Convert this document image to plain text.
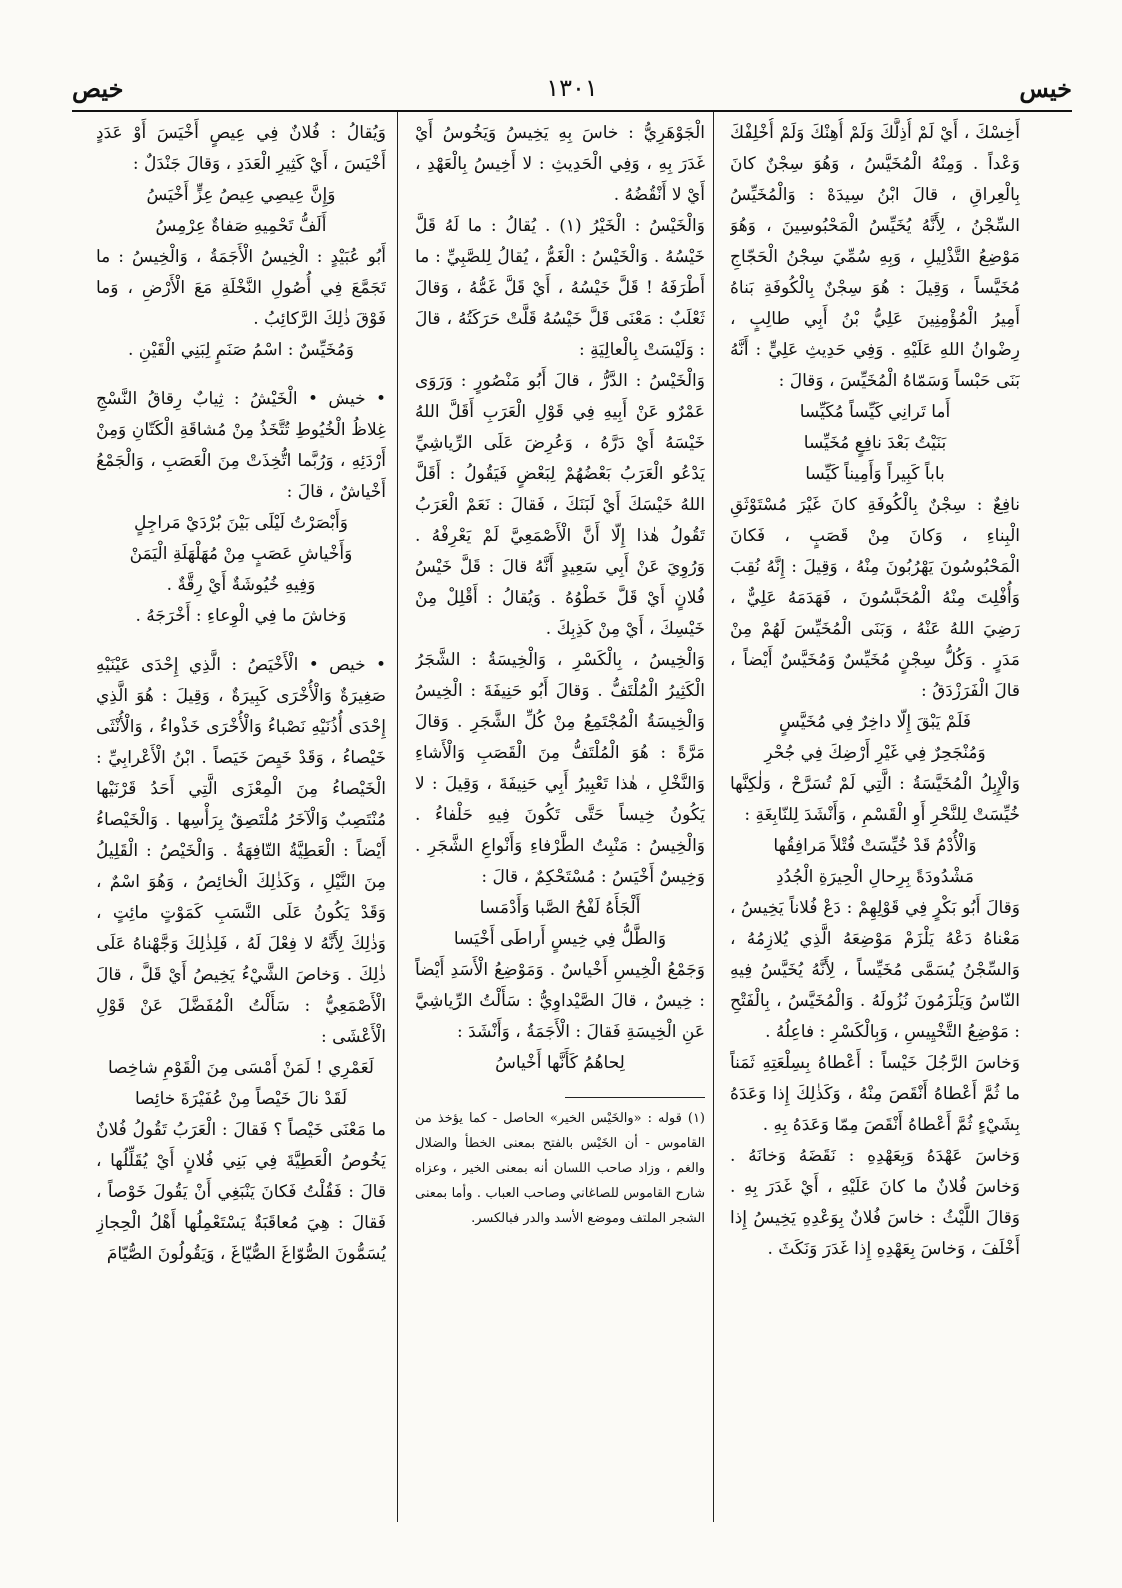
خيص	١٣٠١	خيس

أَخِسْكَ ، أَيْ لَمْ أُذِلَّكَ وَلَمْ أُهِنْكَ وَلَمْ أُخْلِفْكَ وَعْداً . وَمِنْهُ الْمُخَيَّسُ ، وَهُوَ سِجْنٌ كانَ بِالْعِراقِ ، قالَ ابْنُ سِيدَهْ : وَالْمُخَيِّسُ السِّجْنُ ، لِأَنَّهُ يُخَيِّسُ الْمَحْبُوسِينَ ، وَهُوَ مَوْضِعُ التَّذْلِيلِ ، وَبِهِ سُمِّيَ سِجْنُ الْحَجّاجِ مُخَيَّساً ، وَقِيلَ : هُوَ سِجْنٌ بِالْكُوفَةِ بَناهُ أَمِيرُ الْمُؤْمِنِينَ عَلِيُّ بْنُ أَبِي طالِبٍ ، رِضْوانُ اللهِ عَلَيْهِ . وَفِي حَدِيثِ عَلِيٍّ : أَنَّهُ بَنَى حَبْساً وَسَمّاهُ الْمُخَيِّسَ ، وَقالَ :

أَما تَرانِي كَيِّساً مُكَيِّسا

بَنَيْتُ بَعْدَ نافِعٍ مُخَيِّسا

باباً كَبِيراً وَأَمِيناً كَيِّسا

نافِعٌ : سِجْنٌ بِالْكُوفَةِ كانَ غَيْرَ مُسْتَوْثَقِ الْبِناءِ ، وَكانَ مِنْ قَصَبٍ ، فَكانَ الْمَحْبُوسُونَ يَهْرُبُونَ مِنْهُ ، وَقِيلَ : إِنَّهُ نُقِبَ وَأُفْلِتَ مِنْهُ الْمُحَبَّسُونَ ، فَهَدَمَهُ عَلِيٌّ ، رَضِيَ اللهُ عَنْهُ ، وَبَنَى الْمُخَيِّسَ لَهُمْ مِنْ مَدَرٍ . وَكُلُّ سِجْنٍ مُخَيِّسٌ وَمُخَيَّسٌ أَيْضاً ، قالَ الْفَرَزْدَقُ :

فَلَمْ يَبْقَ إِلّا داخِرٌ فِي مُخَيَّسٍ

وَمُنْجَحِرٌ فِي غَيْرِ أَرْضِكَ فِي جُحْرِ

وَالْإِبِلُ الْمُخَيَّسَةُ : الَّتِي لَمْ تُسَرَّحْ ، وَلٰكِنَّها خُيِّسَتْ لِلنَّحْرِ أَوِ الْقَسْمِ ، وَأَنْشَدَ لِلنّابِغَةِ :

وَالْأُدْمُ قَدْ خُيِّسَتْ فُتْلاً مَرافِقُها

مَشْدُودَةً بِرِحالِ الْحِيرَةِ الْجُدُدِ

وَقالَ أَبُو بَكْرٍ فِي قَوْلِهِمْ : دَعْ فُلاناً يَخِيسُ ، مَعْناهُ دَعْهُ يَلْزَمْ مَوْضِعَهُ الَّذِي يُلازِمُهُ ، وَالسِّجْنُ يُسَمَّى مُخَيِّساً ، لِأَنَّهُ يُخَيَّسُ فِيهِ النّاسُ وَيَلْزَمُونَ نُزُولَهُ . وَالْمُخَيَّسُ ، بِالْفَتْحِ : مَوْضِعُ التَّخْيِيسِ ، وَبِالْكَسْرِ : فاعِلُهُ .

وَخاسَ الرَّجُلَ خَيْساً : أَعْطاهُ بِسِلْعَتِهِ ثَمَناً ما ثُمَّ أَعْطاهُ أَنْقَصَ مِنْهُ ، وَكَذٰلِكَ إِذا وَعَدَهُ بِشَيْءٍ ثُمَّ أَعْطاهُ أَنْقَصَ مِمّا وَعَدَهُ بِهِ .

وَخاسَ عَهْدَهُ وَبِعَهْدِهِ : نَقَضَهُ وَخانَهُ . وَخاسَ فُلانٌ ما كانَ عَلَيْهِ ، أَيْ غَدَرَ بِهِ . وَقالَ اللَّيْثُ : خاسَ فُلانٌ بِوَعْدِهِ يَخِيسُ إِذا أَخْلَفَ ، وَخاسَ بِعَهْدِهِ إِذا غَدَرَ وَنَكَثَ .

الْجَوْهَرِيُّ : خاسَ بِهِ يَخِيسُ وَيَخُوسُ أَيْ غَدَرَ بِهِ ، وَفِي الْحَدِيثِ : لا أَخِيسُ بِالْعَهْدِ ، أَيْ لا أَنْقُضُهُ .

وَالْخَيْسُ : الْخَيْرُ (١) . يُقالُ : ما لَهُ قَلَّ خَيْسُهُ . وَالْخَيْسُ : الْغَمُّ ، يُقالُ لِلصَّبِيِّ : ما أَطْرَفَهُ ! قَلَّ خَيْسُهُ ، أَيْ قَلَّ غَمُّهُ ، وَقالَ ثَعْلَبٌ : مَعْنَى قَلَّ خَيْسُهُ قَلَّتْ حَرَكَتُهُ ، قالَ : وَلَيْسَتْ بِالْعالِيَةِ :

وَالْخَيْسُ : الدَّرُّ ، قالَ أَبُو مَنْصُورٍ : وَرَوَى عَمْرٌو عَنْ أَبِيهِ فِي قَوْلِ الْعَرَبِ أَقَلَّ اللهُ خَيْسَهُ أَيْ دَرَّهُ ، وَعُرِضَ عَلَى الرِّياشِيِّ يَدْعُو الْعَرَبُ بَعْضُهُمْ لِبَعْضٍ فَيَقُولُ : أَقَلَّ اللهُ خَيْسَكَ أَيْ لَبَنَكَ ، فَقالَ : نَعَمْ الْعَرَبُ تَقُولُ هٰذا إِلّا أَنَّ الْأَصْمَعِيَّ لَمْ يَعْرِفْهُ . وَرُوِيَ عَنْ أَبِي سَعِيدٍ أَنَّهُ قالَ : قَلَّ خَيْسُ فُلانٍ أَيْ قَلَّ خَطْوُهُ . وَيُقالُ : أَقْلِلْ مِنْ خَيْسِكَ ، أَيْ مِنْ كَذِبِكَ .

وَالْخِيسُ ، بِالْكَسْرِ ، وَالْخِيسَةُ : الشَّجَرُ الْكَثِيرُ الْمُلْتَفُّ . وَقالَ أَبُو حَنِيفَةَ : الْخِيسُ وَالْخِيسَةُ الْمُجْتَمِعُ مِنْ كُلِّ الشَّجَرِ . وَقالَ مَرَّةً : هُوَ الْمُلْتَفُّ مِنَ الْقَصَبِ وَالْأَشاءِ وَالنَّخْلِ ، هٰذا تَعْبِيرُ أَبِي حَنِيفَةَ ، وَقِيلَ : لا يَكُونُ خِيساً حَتَّى تَكُونَ فِيهِ حَلْفاءُ . وَالْخِيسُ : مَنْبِتُ الطَّرْفاءِ وَأَنْواعِ الشَّجَرِ . وَخِيسٌ أَخْيَسُ : مُسْتَحْكِمٌ ، قالَ :

أَلْجَأَهُ لَفْحُ الصَّبا وَأَدْمَسا

وَالطَّلُّ فِي خِيسٍ أَراطَى أَخْيَسا

وَجَمْعُ الْخِيسِ أَخْياسٌ . وَمَوْضِعُ الْأَسَدِ أَيْضاً : خِيسٌ ، قالَ الصَّيْداوِيُّ : سَأَلْتُ الرِّياشِيَّ عَنِ الْخِيسَةِ فَقالَ : الْأَجَمَةُ ، وَأَنْشَدَ :

لِحاهُمُ كَأَنَّها أَخْياسُ

(١) قوله : «والخَيْس الخير» الحاصل - كما يؤخذ من القاموس - أن الخَيْس بالفتح بمعنى الخطأ والضلال والغم ، وزاد صاحب اللسان أنه بمعنى الخير ، وعزاه شارح القاموس للصاغاني وصاحب العباب . وأما بمعنى الشجر الملتف وموضع الأسد والدر فبالكسر.

وَيُقالُ : فُلانٌ فِي عِيصٍ أَخْيَسَ أَوْ عَدَدٍ أَخْيَسَ ، أَيْ كَثِيرِ الْعَدَدِ ، وَقالَ جَنْدَلٌ :

وَإِنَّ عِيصِي عِيصُ عِزٍّ أَخْيَسُ

أَلَفُّ تَحْمِيهِ صَفاةٌ عِرْمِسُ

أَبُو عُبَيْدٍ : الْخِيسُ الْأَجَمَةُ ، وَالْخِيسُ : ما تَجَمَّعَ فِي أُصُولِ النَّخْلَةِ مَعَ الْأَرْضِ ، وَما فَوْقَ ذٰلِكَ الرَّكائِبُ .

وَمُخَيِّسٌ : اسْمُ صَنَمٍ لِبَنِي الْقَيْنِ .

• خيش • الْخَيْشُ : ثِيابٌ رِقاقُ النَّسْجِ غِلاظُ الْخُيُوطِ تُتَّخَذُ مِنْ مُشاقَةِ الْكَتّانِ وَمِنْ أَرْدَئِهِ ، وَرُبَّما اتُّخِذَتْ مِنَ الْعَصَبِ ، وَالْجَمْعُ أَخْياشٌ ، قالَ :

وَأَبْصَرْتُ لَيْلَى بَيْنَ بُرْدَيْ مَراجِلٍ

وَأَخْياشِ عَصَبٍ مِنْ مُهَلْهَلَةِ الْيَمَنْ

وَفِيهِ خُيُوشَةٌ أَيْ رِقَّةٌ .

وَخاشَ ما فِي الْوِعاءِ : أَخْرَجَهُ .

• خيص • الْأَخْيَصُ : الَّذِي إِحْدَى عَيْنَيْهِ صَغِيرَةٌ وَالْأُخْرَى كَبِيرَةٌ ، وَقِيلَ : هُوَ الَّذِي إِحْدَى أُذُنَيْهِ نَصْباءُ وَالْأُخْرَى خَذْواءُ ، وَالْأُنْثَى خَيْصاءُ ، وَقَدْ خَيِصَ خَيَصاً . ابْنُ الْأَعْرابِيِّ : الْخَيْصاءُ مِنَ الْمِعْزَى الَّتِي أَحَدُ قَرْنَيْها مُنْتَصِبٌ وَالْآخَرُ مُلْتَصِقٌ بِرَأْسِها . وَالْخَيْصاءُ أَيْضاً : الْعَطِيَّةُ التّافِهَةُ . وَالْخَيْصُ : الْقَلِيلُ مِنَ النَّيْلِ ، وَكَذٰلِكَ الْخائِصُ ، وَهُوَ اسْمٌ ، وَقَدْ يَكُونُ عَلَى النَّسَبِ كَمَوْتٍ مائِتٍ ، وَذٰلِكَ لِأَنَّهُ لا فِعْلَ لَهُ ، فَلِذٰلِكَ وَجَّهْناهُ عَلَى ذٰلِكَ . وَخاصَ الشَّيْءُ يَخِيصُ أَيْ قَلَّ ، قالَ الْأَصْمَعِيُّ : سَأَلْتُ الْمُفَضَّلَ عَنْ قَوْلِ الْأَعْشَى :

لَعَمْرِي ! لَمَنْ أَمْسَى مِنَ الْقَوْمِ شاخِصا

لَقَدْ نالَ خَيْصاً مِنْ عُفَيْرَةَ خائِصا

ما مَعْنَى خَيْصاً ؟ فَقالَ : الْعَرَبُ تَقُولُ فُلانٌ يَخُوصُ الْعَطِيَّةَ فِي بَنِي فُلانٍ أَيْ يُقَلِّلُها ، قالَ : فَقُلْتُ فَكانَ يَنْبَغِي أَنْ يَقُولَ خَوْصاً ، فَقالَ : هِيَ مُعاقَبَةٌ يَسْتَعْمِلُها أَهْلُ الْحِجازِ يُسَمُّونَ الصُّوّاغَ الصُّيّاغَ ، وَيَقُولُونَ الصُّيّامَ
